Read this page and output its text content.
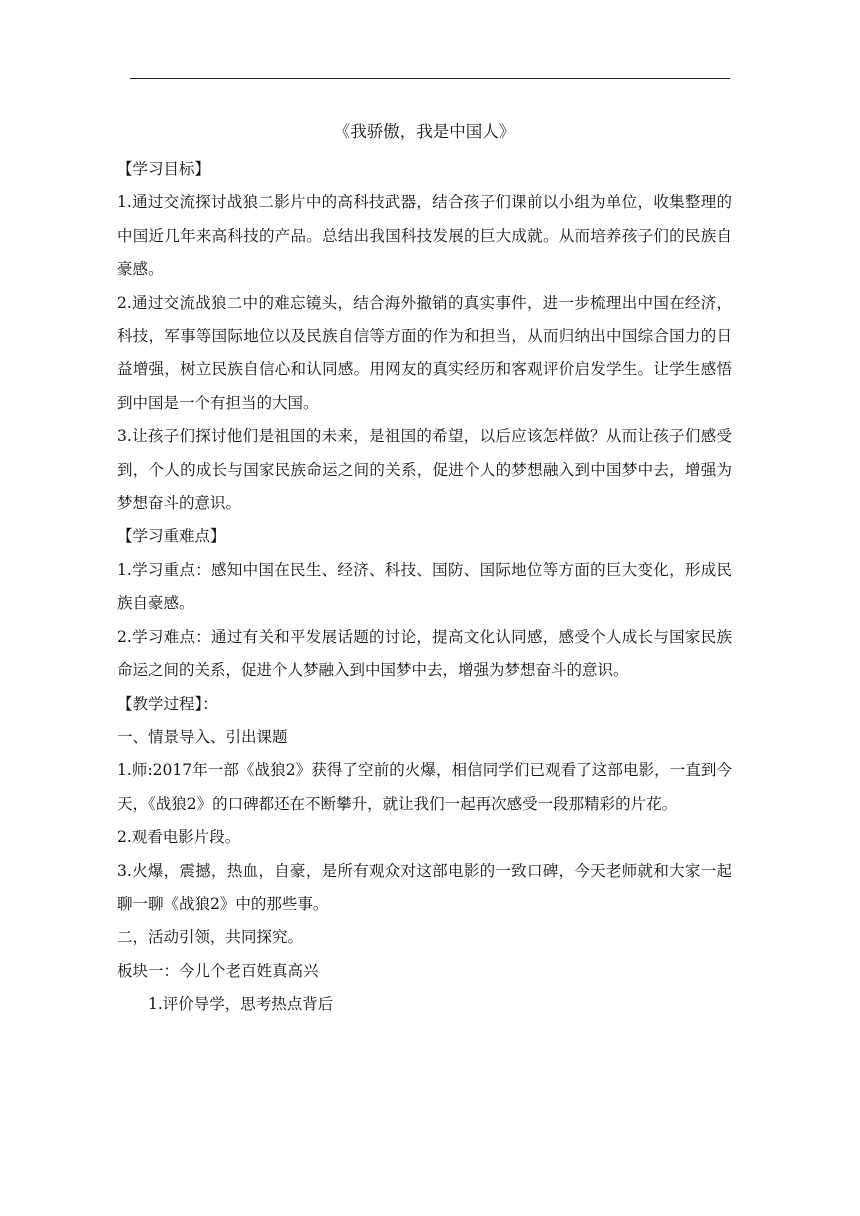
《我骄傲，我是中国人》

【学习目标】

1.通过交流探讨战狼二影片中的高科技武器，结合孩子们课前以小组为单位，收集整理的中国近几年来高科技的产品。总结出我国科技发展的巨大成就。从而培养孩子们的民族自豪感。

2.通过交流战狼二中的难忘镜头，结合海外撤销的真实事件，进一步梳理出中国在经济，科技，军事等国际地位以及民族自信等方面的作为和担当，从而归纳出中国综合国力的日益增强，树立民族自信心和认同感。用网友的真实经历和客观评价启发学生。让学生感悟到中国是一个有担当的大国。

3.让孩子们探讨他们是祖国的未来，是祖国的希望，以后应该怎样做？从而让孩子们感受到，个人的成长与国家民族命运之间的关系，促进个人的梦想融入到中国梦中去，增强为梦想奋斗的意识。

【学习重难点】

1.学习重点：感知中国在民生、经济、科技、国防、国际地位等方面的巨大变化，形成民族自豪感。

2.学习难点：通过有关和平发展话题的讨论，提高文化认同感，感受个人成长与国家民族命运之间的关系，促进个人梦融入到中国梦中去，增强为梦想奋斗的意识。

【教学过程】：

一、情景导入、引出课题

1.师:2017年一部《战狼2》获得了空前的火爆，相信同学们已观看了这部电影，一直到今天，《战狼2》的口碑都还在不断攀升，就让我们一起再次感受一段那精彩的片花。

2.观看电影片段。

3.火爆，震撼，热血，自豪，是所有观众对这部电影的一致口碑，今天老师就和大家一起聊一聊《战狼2》中的那些事。

二，活动引领，共同探究。

板块一：今儿个老百姓真高兴

1.评价导学，思考热点背后
